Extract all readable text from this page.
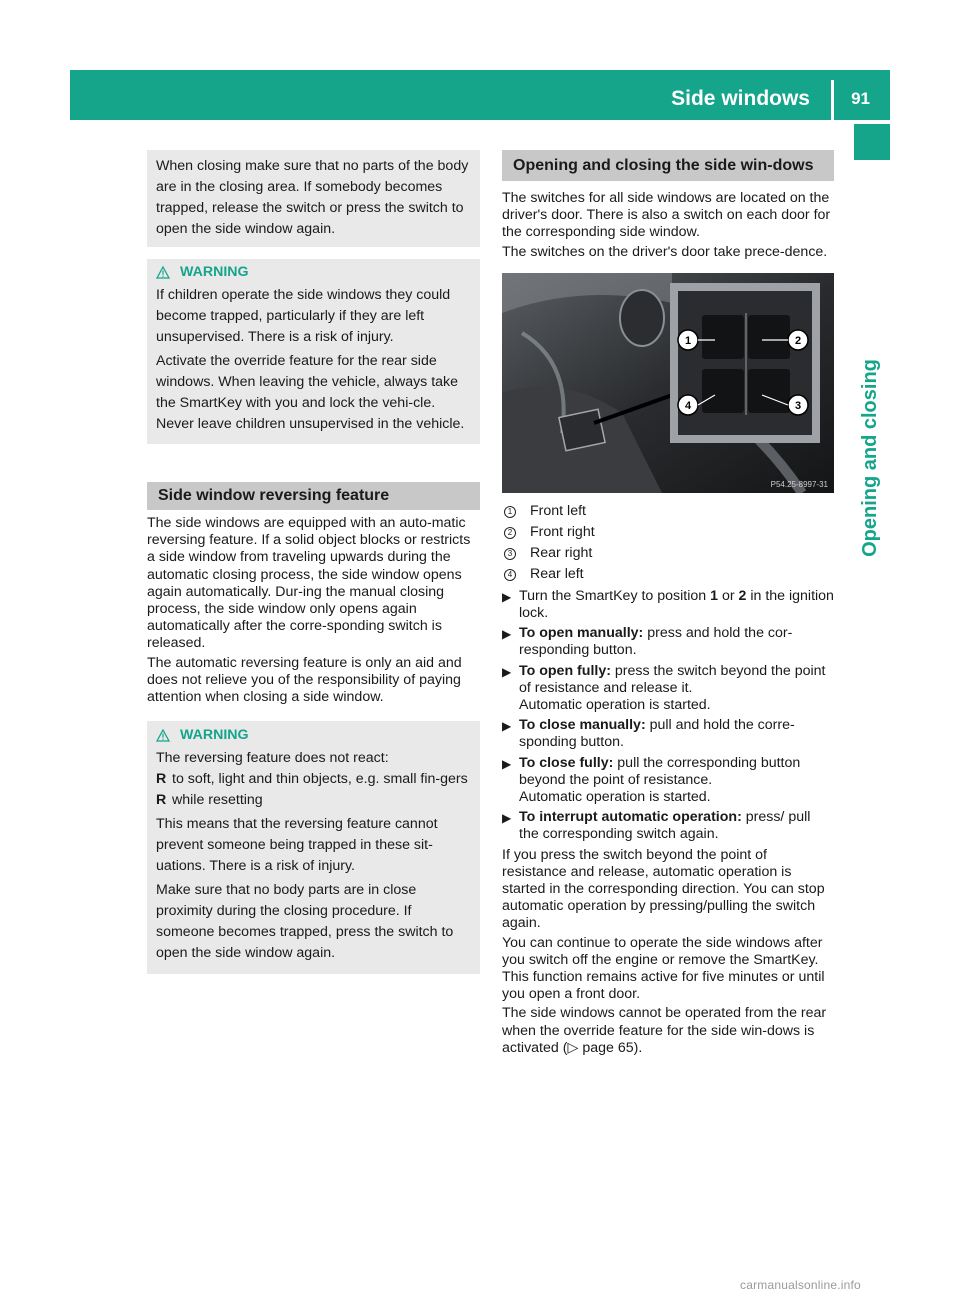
Side windows 91
Opening and closing

When closing make sure that no parts of the body are in the closing area. If somebody becomes trapped, release the switch or press the switch to open the side window again.

WARNING

If children operate the side windows they could become trapped, particularly if they are left unsupervised. There is a risk of injury.

Activate the override feature for the rear side windows. When leaving the vehicle, always take the SmartKey with you and lock the vehi-cle. Never leave children unsupervised in the vehicle.

Side window reversing feature

The side windows are equipped with an auto-matic reversing feature. If a solid object blocks or restricts a side window from traveling upwards during the automatic closing process, the side window opens again automatically. Dur-ing the manual closing process, the side window only opens again automatically after the corre-sponding switch is released.

The automatic reversing feature is only an aid and does not relieve you of the responsibility of paying attention when closing a side window.

WARNING

The reversing feature does not react:

R to soft, light and thin objects, e.g. small fin-gers
R while resetting

This means that the reversing feature cannot prevent someone being trapped in these sit-uations. There is a risk of injury.

Make sure that no body parts are in close proximity during the closing procedure. If someone becomes trapped, press the switch to open the side window again.

Opening and closing the side win-dows

The switches for all side windows are located on the driver's door. There is also a switch on each door for the corresponding side window.

The switches on the driver's door take prece-dence.

1	2
3
4
P54.25-8997-31
1 Front left
2 Front right
3 Rear right
4 Rear left
▶ Turn the SmartKey to position 1 or 2 in the ignition lock.
▶ To open manually: press and hold the cor-responding button.
▶ To open fully: press the switch beyond the point of resistance and release it.
Automatic operation is started.
▶ To close manually: pull and hold the corre-sponding button.
▶ To close fully: pull the corresponding button beyond the point of resistance.
Automatic operation is started.
▶ To interrupt automatic operation: press/ pull the corresponding switch again.

If you press the switch beyond the point of resistance and release, automatic operation is started in the corresponding direction. You can stop automatic operation by pressing/pulling the switch again.

You can continue to operate the side windows after you switch off the engine or remove the SmartKey. This function remains active for five minutes or until you open a front door.

The side windows cannot be operated from the rear when the override feature for the side win-dows is activated (▷ page 65).

carmanualsonline.info
